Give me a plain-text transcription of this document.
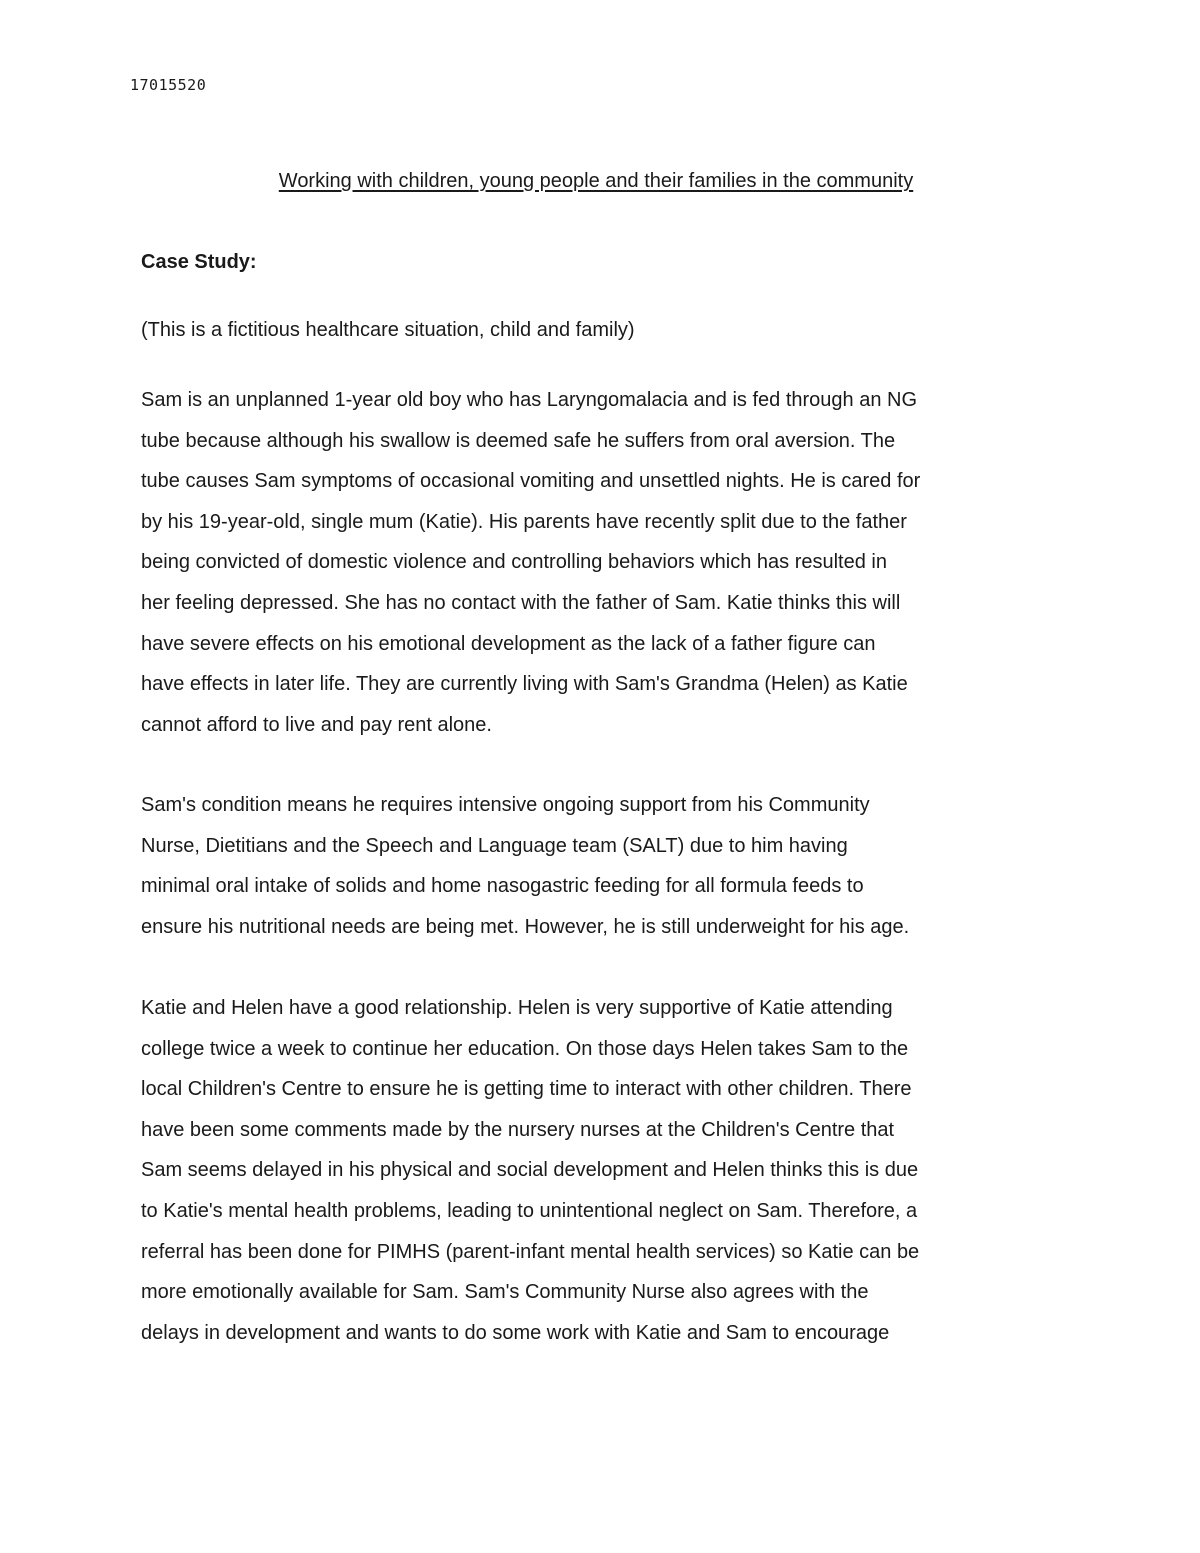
17015520
Working with children, young people and their families in the community
Case Study:
(This is a fictitious healthcare situation, child and family)

Sam is an unplanned 1-year old boy who has Laryngomalacia and is fed through an NG
tube because although his swallow is deemed safe he suffers from oral aversion. The
tube causes Sam symptoms of occasional vomiting and unsettled nights. He is cared for
by his 19-year-old, single mum (Katie). His parents have recently split due to the father
being convicted of domestic violence and controlling behaviors which has resulted in
her feeling depressed. She has no contact with the father of Sam. Katie thinks this will
have severe effects on his emotional development as the lack of a father figure can
have effects in later life. They are currently living with Sam's Grandma (Helen) as Katie
cannot afford to live and pay rent alone.

Sam's condition means he requires intensive ongoing support from his Community
Nurse, Dietitians and the Speech and Language team (SALT) due to him having
minimal oral intake of solids and home nasogastric feeding for all formula feeds to
ensure his nutritional needs are being met. However, he is still underweight for his age.

Katie and Helen have a good relationship. Helen is very supportive of Katie attending
college twice a week to continue her education. On those days Helen takes Sam to the
local Children's Centre to ensure he is getting time to interact with other children. There
have been some comments made by the nursery nurses at the Children's Centre that
Sam seems delayed in his physical and social development and Helen thinks this is due
to Katie's mental health problems, leading to unintentional neglect on Sam. Therefore, a
referral has been done for PIMHS (parent-infant mental health services) so Katie can be
more emotionally available for Sam. Sam's Community Nurse also agrees with the
delays in development and wants to do some work with Katie and Sam to encourage
